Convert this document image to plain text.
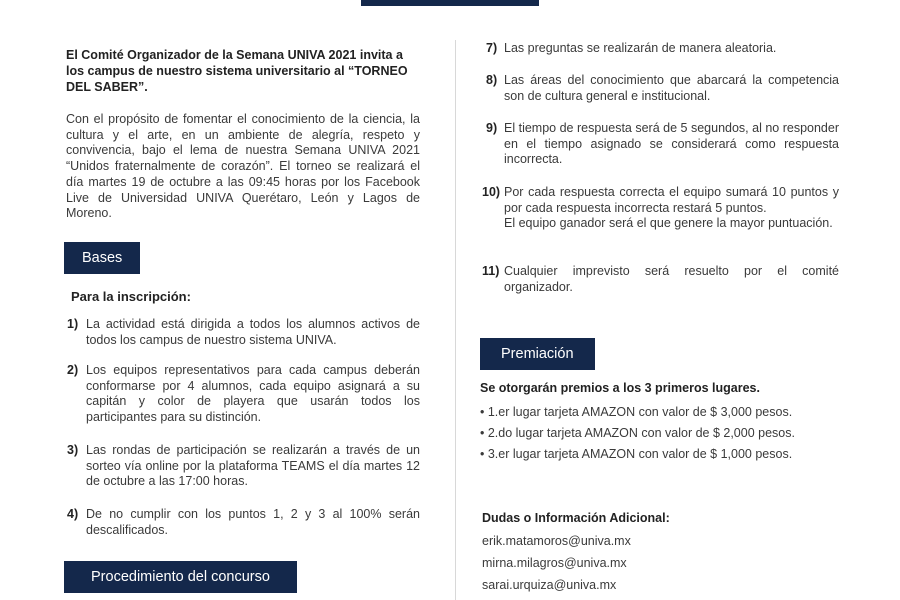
El Comité Organizador de la Semana UNIVA 2021 invita a los campus de nuestro sistema universitario al “TORNEO DEL SABER”.

Con el propósito de fomentar el conocimiento de la ciencia, la cultura y el arte, en un ambiente de alegría, respeto y convivencia, bajo el lema de nuestra Semana UNIVA 2021 “Unidos fraternalmente de corazón”. El torneo se realizará el día martes 19 de octubre a las 09:45 horas por los Facebook Live de Universidad UNIVA Querétaro, León y Lagos de Moreno.

Bases
Para la inscripción:
1) La actividad está dirigida a todos los alumnos activos de todos los campus de nuestro sistema UNIVA.
2) Los equipos representativos para cada campus deberán conformarse por 4 alumnos, cada equipo asignará a su capitán y color de playera que usarán todos los participantes para su distinción.
3) Las rondas de participación se realizarán a través de un sorteo vía online por la plataforma TEAMS el día martes 12 de octubre a las 17:00 horas.
4) De no cumplir con los puntos 1, 2 y 3 al 100% serán descalificados.
Procedimiento del concurso
7) Las preguntas se realizarán de manera aleatoria.
8) Las áreas del conocimiento que abarcará la competencia son de cultura general e institucional.
9) El tiempo de respuesta será de 5 segundos, al no responder en el tiempo asignado se considerará como respuesta incorrecta.
10) Por cada respuesta correcta el equipo sumará 10 puntos y por cada respuesta incorrecta restará 5 puntos.
El equipo ganador será el que genere la mayor puntuación.
11) Cualquier imprevisto será resuelto por el comité organizador.
Premiación
Se otorgarán premios a los 3 primeros lugares.
• 1.er lugar tarjeta AMAZON con valor de $ 3,000 pesos.
• 2.do lugar tarjeta AMAZON con valor de $ 2,000 pesos.
• 3.er lugar tarjeta AMAZON con valor de $ 1,000 pesos.
Dudas o Información Adicional:
erik.matamoros@univa.mx
mirna.milagros@univa.mx
sarai.urquiza@univa.mx
